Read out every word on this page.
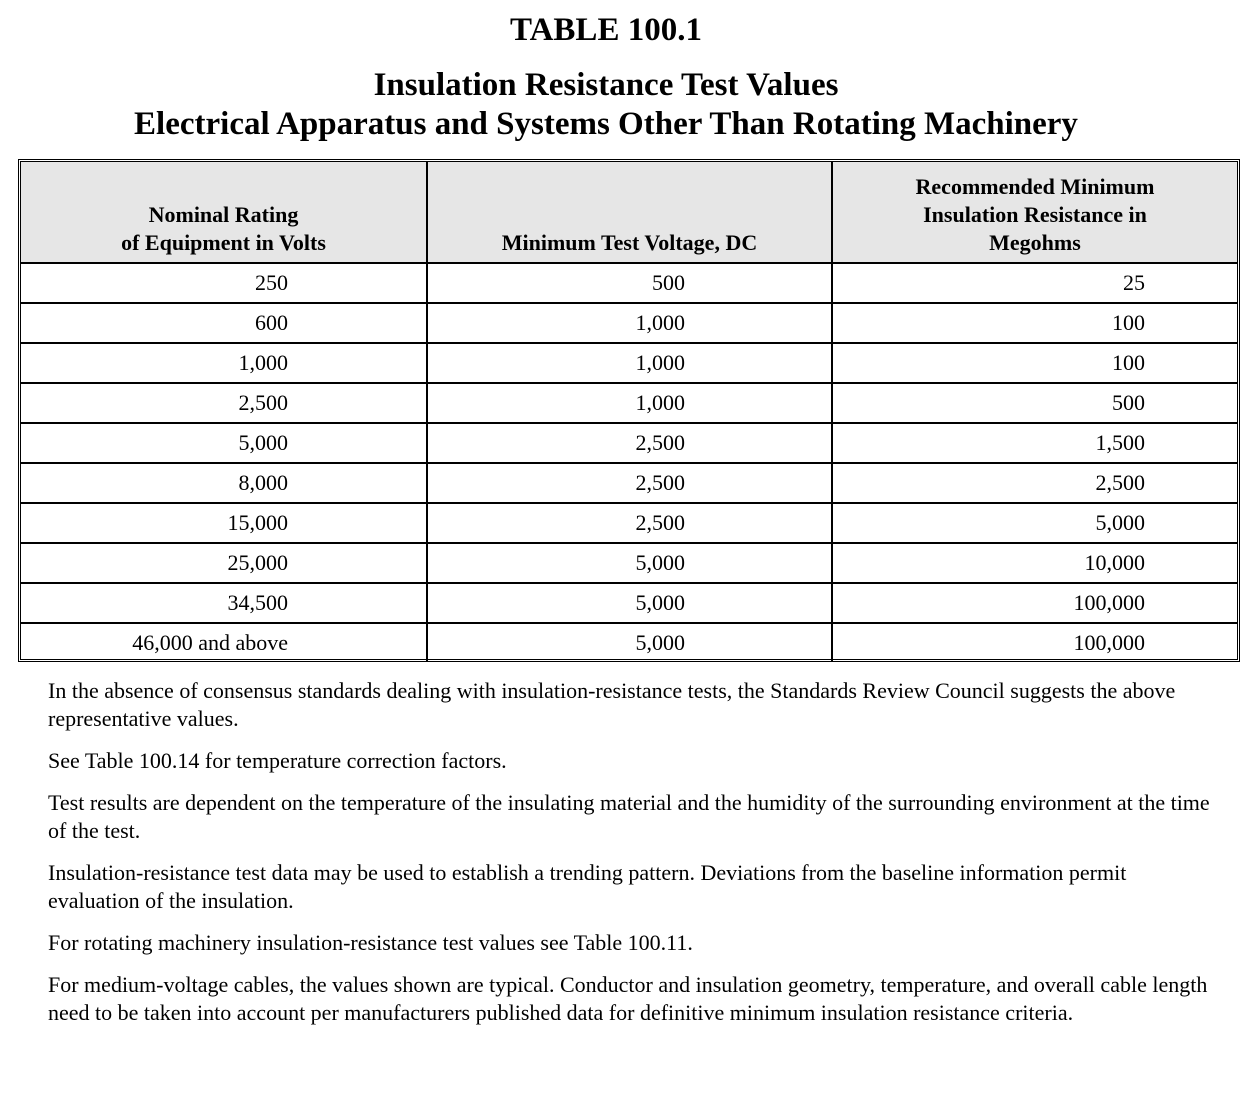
TABLE 100.1
Insulation Resistance Test Values
Electrical Apparatus and Systems Other Than Rotating Machinery
Nominal Rating
of Equipment in Volts	Minimum Test Voltage, DC	Recommended Minimum
Insulation Resistance in
Megohms
250	500	25
600	1,000	100
1,000	1,000	100
2,500	1,000	500
5,000	2,500	1,500
8,000	2,500	2,500
15,000	2,500	5,000
25,000	5,000	10,000
34,500	5,000	100,000
46,000 and above	5,000	100,000

In the absence of consensus standards dealing with insulation-resistance tests, the Standards Review Council suggests the above representative values.

See Table 100.14 for temperature correction factors.

Test results are dependent on the temperature of the insulating material and the humidity of the surrounding environment at the time of the test.

Insulation-resistance test data may be used to establish a trending pattern. Deviations from the baseline information permit evaluation of the insulation.

For rotating machinery insulation-resistance test values see Table 100.11.

For medium-voltage cables, the values shown are typical. Conductor and insulation geometry, temperature, and overall cable length need to be taken into account per manufacturers published data for definitive minimum insulation resistance criteria.
